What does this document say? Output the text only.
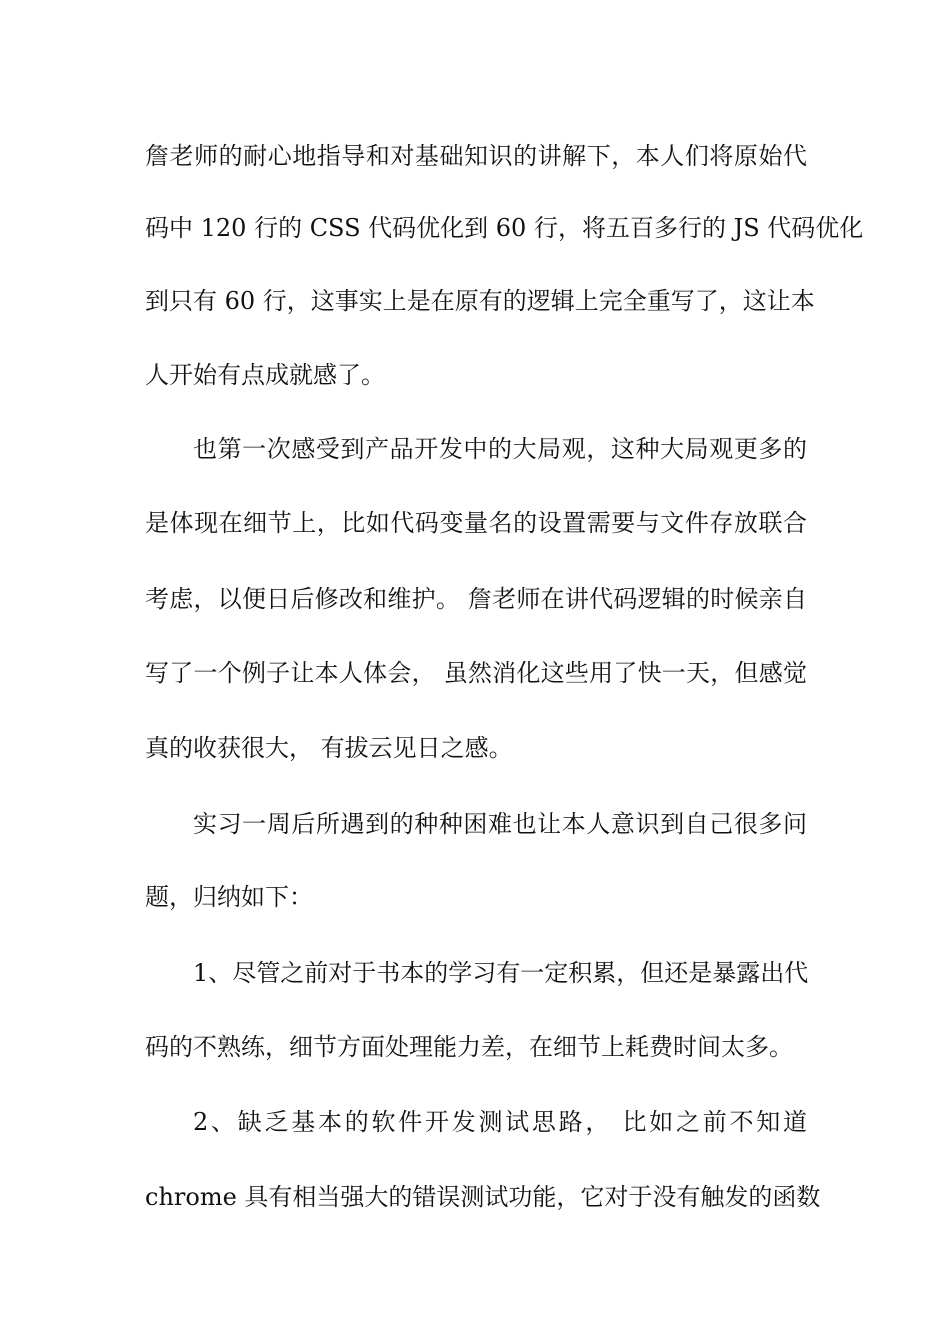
詹老师的耐心地指导和对基础知识的讲解下，本人们将原始代
码中 120 行的 CSS 代码优化到 60 行，将五百多行的 JS 代码优化
到只有 60 行，这事实上是在原有的逻辑上完全重写了，这让本
人开始有点成就感了。
也第一次感受到产品开发中的大局观，这种大局观更多的
是体现在细节上，比如代码变量名的设置需要与文件存放联合
考虑，以便日后修改和维护。 詹老师在讲代码逻辑的时候亲自
写了一个例子让本人体会， 虽然消化这些用了快一天，但感觉
真的收获很大， 有拔云见日之感。
实习一周后所遇到的种种困难也让本人意识到自己很多问
题，归纳如下：
1、尽管之前对于书本的学习有一定积累，但还是暴露出代
码的不熟练，细节方面处理能力差，在细节上耗费时间太多。
2、缺乏基本的软件开发测试思路， 比如之前不知道
chrome 具有相当强大的错误测试功能，它对于没有触发的函数
